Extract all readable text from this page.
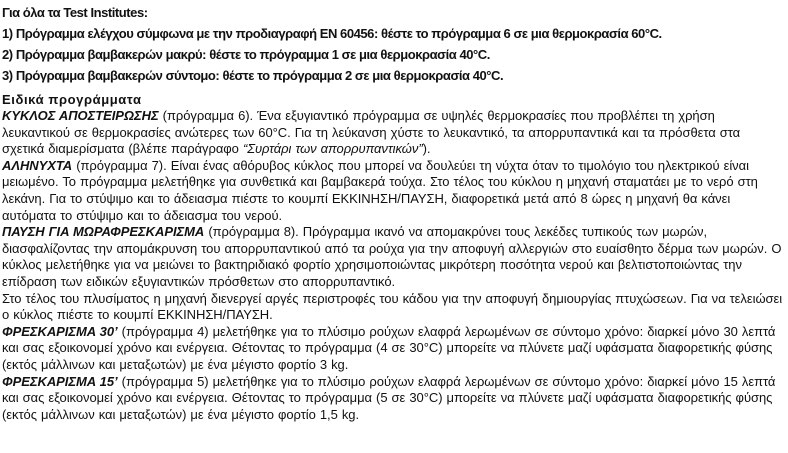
Για όλα τα Test Institutes:
1) Πρόγραμμα ελέγχου σύμφωνα με την προδιαγραφή EN 60456: θέστε το πρόγραμμα 6 σε μια θερμοκρασία 60°C.
2) Πρόγραμμα βαμβακερών μακρύ: θέστε το πρόγραμμα 1 σε μια θερμοκρασία 40°C.
3) Πρόγραμμα βαμβακερών σύντομο: θέστε το πρόγραμμα 2 σε μια θερμοκρασία 40°C.
Ειδικά προγράμματα
ΚΥΚΛΟΣ ΑΠΟΣΤΕΙΡΩΣΗΣ (πρόγραμμα 6). Ένα εξυγιαντικό πρόγραμμα σε υψηλές θερμοκρασίες που προβλέπει τη χρήση λευκαντικού σε θερμοκρασίες ανώτερες των 60°C. Για τη λεύκανση χύστε το λευκαντικό, τα απορρυπαντικά και τα πρόσθετα στα σχετικά διαμερίσματα (βλέπε παράγραφο “Συρτάρι των απορρυπαντικών”).
ΑΛΗΝΥΧΤΑ (πρόγραμμα 7). Είναι ένας αθόρυβος κύκλος που μπορεί να δουλεύει τη νύχτα όταν το τιμολόγιο του ηλεκτρικού είναι μειωμένο. Το πρόγραμμα μελετήθηκε για συνθετικά και βαμβακερά τούχα. Στο τέλος του κύκλου η μηχανή σταματάει με το νερό στη λεκάνη. Για το στύψιμο και το άδειασμα πιέστε το κουμπί ΕΚΚΙΝΗΣΗ/ΠΑΥΣΗ, διαφορετικά μετά από 8 ώρες η μηχανή θα κάνει αυτόματα το στύψιμο και το άδειασμα του νερού.
ΠΑΥΣΗ ΓΙΑ ΜΩΡΑΦΡΕΣΚΑΡΙΣΜΑ (πρόγραμμα 8). Πρόγραμμα ικανό να απομακρύνει τους λεκέδες τυπικούς των μωρών, διασφαλίζοντας την απομάκρυνση του απορρυπαντικού από τα ρούχα για την αποφυγή αλλεργιών στο ευαίσθητο δέρμα των μωρών. Ο κύκλος μελετήθηκε για να μειώνει το βακτηριδιακό φορτίο χρησιμοποιώντας μικρότερη ποσότητα νερού και βελτιστοποιώντας την επίδραση των ειδικών εξυγιαντικών πρόσθετων στο απορρυπαντικό.
Στο τέλος του πλυσίματος η μηχανή διενεργεί αργές περιστροφές του κάδου για την αποφυγή δημιουργίας πτυχώσεων. Για να τελειώσει ο κύκλος πιέστε το κουμπί ΕΚΚΙΝΗΣΗ/ΠΑΥΣΗ.
ΦΡΕΣΚΑΡΙΣΜΑ 30’ (πρόγραμμα 4) μελετήθηκε για το πλύσιμο ρούχων ελαφρά λερωμένων σε σύντομο χρόνο: διαρκεί μόνο 30 λεπτά και σας εξοικονομεί χρόνο και ενέργεια. Θέτοντας το πρόγραμμα (4 σε 30°C) μπορείτε να πλύνετε μαζί υφάσματα διαφορετικής φύσης (εκτός μάλλινων και μεταξωτών) με ένα μέγιστο φορτίο 3 kg.
ΦΡΕΣΚΑΡΙΣΜΑ 15’ (πρόγραμμα 5) μελετήθηκε για το πλύσιμο ρούχων ελαφρά λερωμένων σε σύντομο χρόνο: διαρκεί μόνο 15 λεπτά και σας εξοικονομεί χρόνο και ενέργεια. Θέτοντας το πρόγραμμα (5 σε 30°C) μπορείτε να πλύνετε μαζί υφάσματα διαφορετικής φύσης (εκτός μάλλινων και μεταξωτών) με ένα μέγιστο φορτίο 1,5 kg.
